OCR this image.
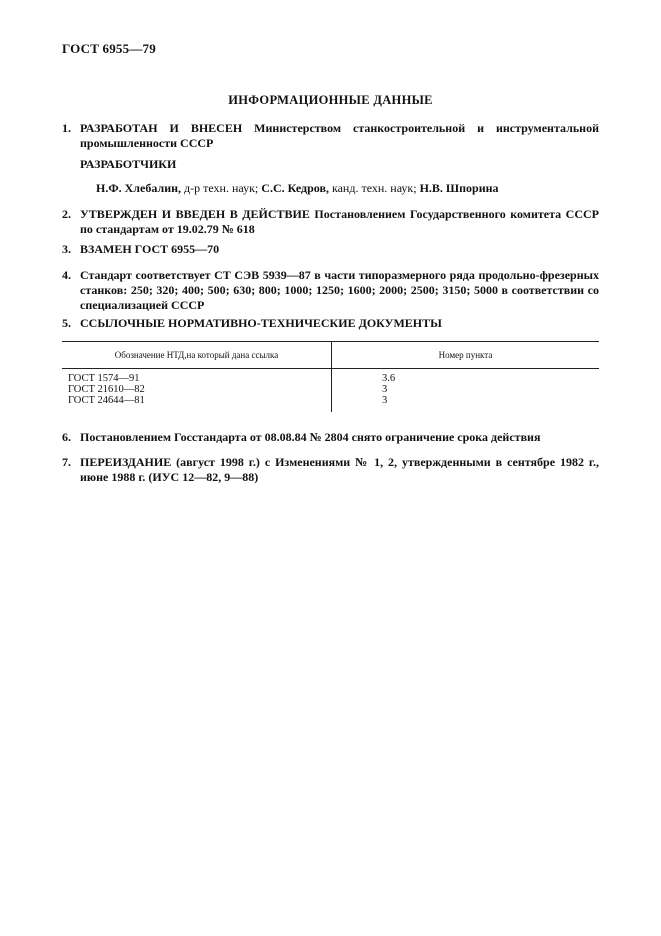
ГОСТ 6955—79
ИНФОРМАЦИОННЫЕ ДАННЫЕ
1. РАЗРАБОТАН И ВНЕСЕН Министерством станкостроительной и инструментальной промышленности СССР
РАЗРАБОТЧИКИ
Н.Ф. Хлебалин, д-р техн. наук; С.С. Кедров, канд. техн. наук; Н.В. Шпорина
2. УТВЕРЖДЕН И ВВЕДЕН В ДЕЙСТВИЕ Постановлением Государственного комитета СССР по стандартам от 19.02.79 № 618
3. ВЗАМЕН ГОСТ 6955—70
4. Стандарт соответствует СТ СЭВ 5939—87 в части типоразмерного ряда продольно-фрезерных станков: 250; 320; 400; 500; 630; 800; 1000; 1250; 1600; 2000; 2500; 3150; 5000 в соответствии со специализацией СССР
5. ССЫЛОЧНЫЕ НОРМАТИВНО-ТЕХНИЧЕСКИЕ ДОКУМЕНТЫ
Обозначение НТД,на который дана ссылка	Номер пункта
ГОСТ 1574—91	3.6
ГОСТ 21610—82	3
ГОСТ 24644—81	3
6. Постановлением Госстандарта от 08.08.84 № 2804 снято ограничение срока действия
7. ПЕРЕИЗДАНИЕ (август 1998 г.) с Изменениями № 1, 2, утвержденными в сентябре 1982 г., июне 1988 г. (ИУС 12—82, 9—88)
